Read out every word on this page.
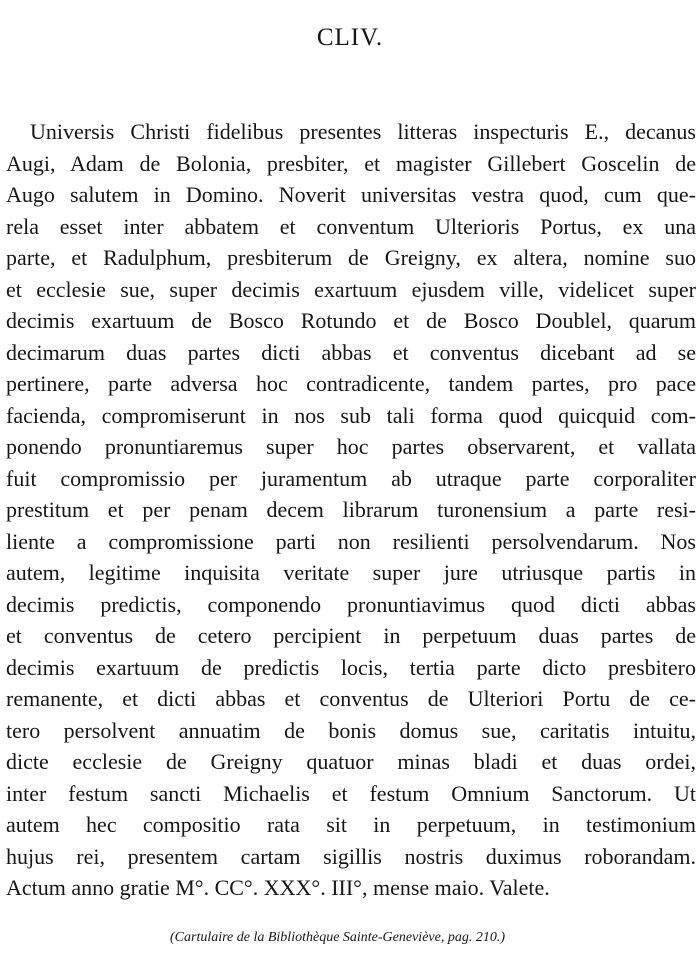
CLIV.
Universis Christi fidelibus presentes litteras inspecturis E., decanus
Augi, Adam de Bolonia, presbiter, et magister Gillebert Goscelin de
Augo salutem in Domino. Noverit universitas vestra quod, cum que-
rela esset inter abbatem et conventum Ulterioris Portus, ex una
parte, et Radulphum, presbiterum de Greigny, ex altera, nomine suo
et ecclesie sue, super decimis exartuum ejusdem ville, videlicet super
decimis exartuum de Bosco Rotundo et de Bosco Doublel, quarum
decimarum duas partes dicti abbas et conventus dicebant ad se
pertinere, parte adversa hoc contradicente, tandem partes, pro pace
facienda, compromiserunt in nos sub tali forma quod quicquid com-
ponendo pronuntiaremus super hoc partes observarent, et vallata
fuit compromissio per juramentum ab utraque parte corporaliter
prestitum et per penam decem librarum turonensium a parte resi-
liente a compromissione parti non resilienti persolvendarum. Nos
autem, legitime inquisita veritate super jure utriusque partis in
decimis predictis, componendo pronuntiavimus quod dicti abbas
et conventus de cetero percipient in perpetuum duas partes de
decimis exartuum de predictis locis, tertia parte dicto presbitero
remanente, et dicti abbas et conventus de Ulteriori Portu de ce-
tero persolvent annuatim de bonis domus sue, caritatis intuitu,
dicte ecclesie de Greigny quatuor minas bladi et duas ordei,
inter festum sancti Michaelis et festum Omnium Sanctorum. Ut
autem hec compositio rata sit in perpetuum, in testimonium
hujus rei, presentem cartam sigillis nostris duximus roborandam.
Actum anno gratie M°. CC°. XXX°. III°, mense maio. Valete.
(Cartulaire de la Bibliothèque Sainte-Geneviève, pag. 210.)
